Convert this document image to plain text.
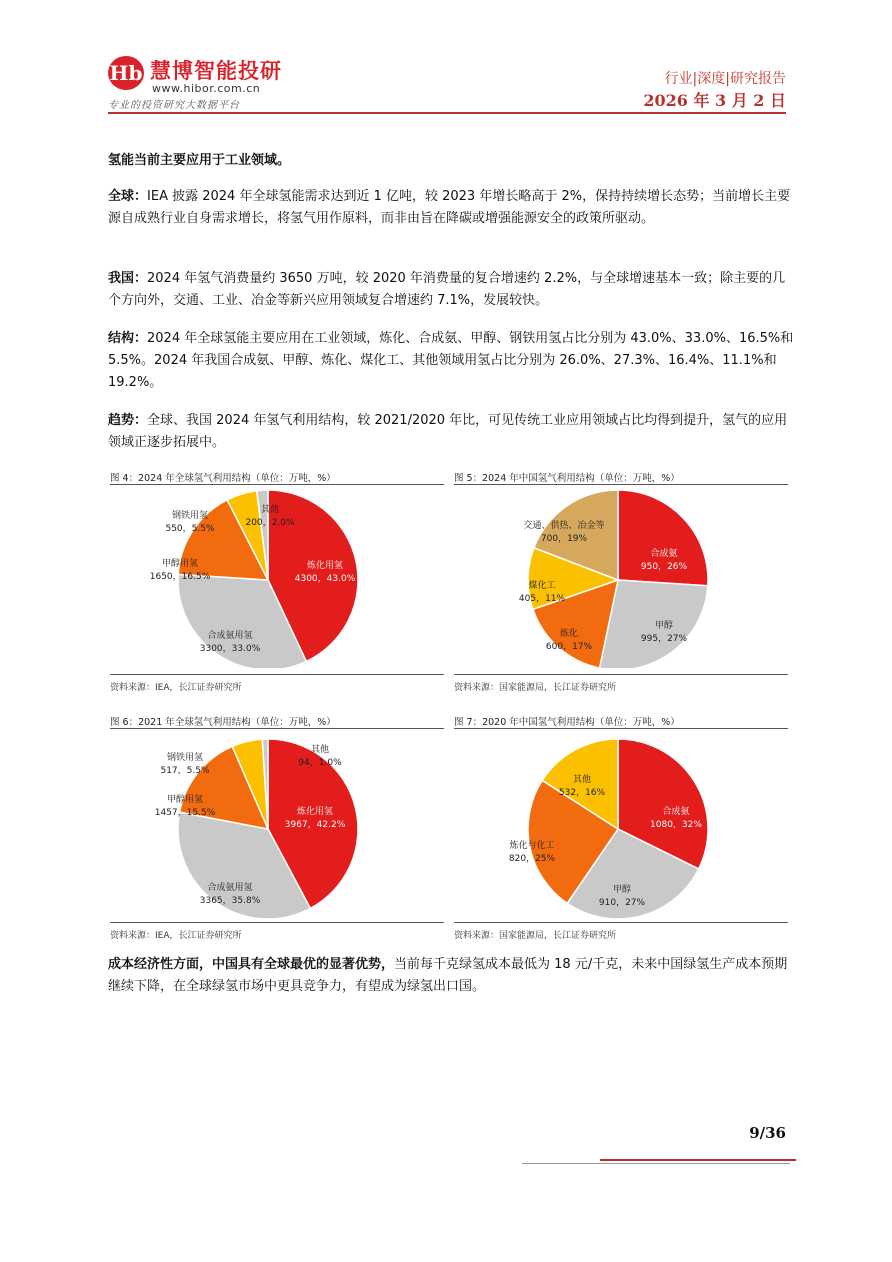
Hb 慧博智能投研
www.hibor.com.cn
专业的投资研究大数据平台
行业|深度|研究报告
2026 年 3 月 2 日
氢能当前主要应用于工业领域。
全球：IEA 披露 2024 年全球氢能需求达到近 1 亿吨，较 2023 年增长略高于 2%，保持持续增长态势；当前增长主要源自成熟行业自身需求增长，将氢气用作原料，而非由旨在降碳或增强能源安全的政策所驱动。
我国：2024 年氢气消费量约 3650 万吨，较 2020 年消费量的复合增速约 2.2%，与全球增速基本一致；除主要的几个方向外，交通、工业、冶金等新兴应用领域复合增速约 7.1%，发展较快。
结构：2024 年全球氢能主要应用在工业领域，炼化、合成氨、甲醇、钢铁用氢占比分别为 43.0%、33.0%、16.5%和 5.5%。2024 年我国合成氨、甲醇、炼化、煤化工、其他领域用氢占比分别为 26.0%、27.3%、16.4%、11.1%和 19.2%。
趋势：全球、我国 2024 年氢气利用结构，较 2021/2020 年比，可见传统工业应用领域占比均得到提升，氢气的应用领域正逐步拓展中。
图 4：2024 年全球氢气利用结构（单位：万吨，%）
炼化用氢
4300，43.0%
合成氨用氢
3300，33.0%
甲醇用氢
1650，16.5%
钢铁用氢
550，5.5%
其他
200，2.0%
资料来源：IEA，长江证券研究所
图 5：2024 年中国氢气利用结构（单位：万吨，%）
合成氨
950，26%
甲醇
995，27%
炼化
600，17%
煤化工
405，11%
交通、供热、冶金等
700，19%
资料来源：国家能源局，长江证券研究所
图 6：2021 年全球氢气利用结构（单位：万吨，%）
炼化用氢
3967，42.2%
合成氨用氢
3365，35.8%
甲醇用氢
1457，15.5%
钢铁用氢
517，5.5%
其他
94，1.0%
资料来源：IEA，长江证券研究所
图 7：2020 年中国氢气利用结构（单位：万吨，%）
合成氨
1080，32%
甲醇
910，27%
炼化与化工
820，25%
其他
532，16%
资料来源：国家能源局，长江证券研究所
成本经济性方面，中国具有全球最优的显著优势，当前每千克绿氢成本最低为 18 元/千克，未来中国绿氢生产成本预期继续下降，在全球绿氢市场中更具竞争力，有望成为绿氢出口国。
9/36
